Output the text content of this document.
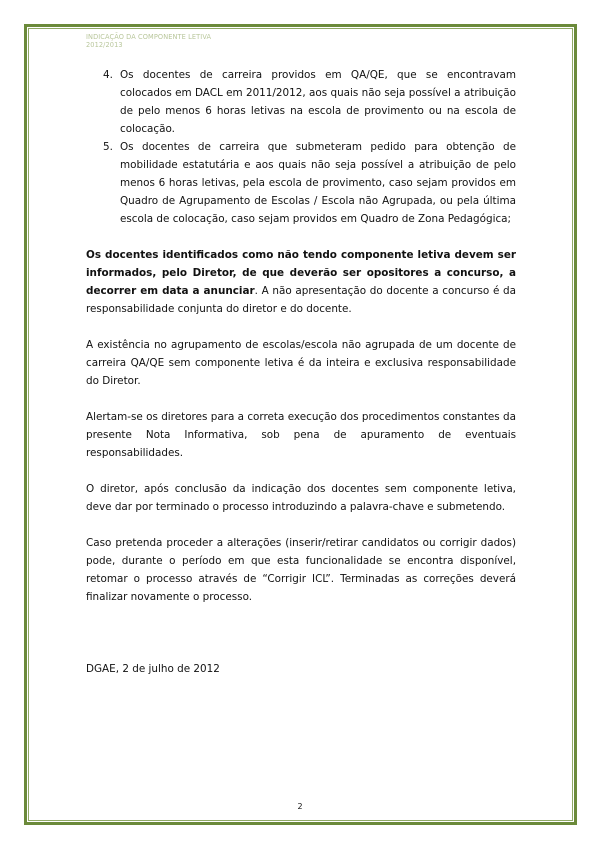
INDICAÇÃO DA COMPONENTE LETIVA
2012/2013
4. Os docentes de carreira providos em QA/QE, que se encontravam colocados em DACL em 2011/2012, aos quais não seja possível a atribuição de pelo menos 6 horas letivas na escola de provimento ou na escola de colocação.
5. Os docentes de carreira que submeteram pedido para obtenção de mobilidade estatutária e aos quais não seja possível a atribuição de pelo menos 6 horas letivas, pela escola de provimento, caso sejam providos em Quadro de Agrupamento de Escolas / Escola não Agrupada, ou pela última escola de colocação, caso sejam providos em Quadro de Zona Pedagógica;

Os docentes identificados como não tendo componente letiva devem ser informados, pelo Diretor, de que deverão ser opositores a concurso, a decorrer em data a anunciar. A não apresentação do docente a concurso é da responsabilidade conjunta do diretor e do docente.

A existência no agrupamento de escolas/escola não agrupada de um docente de carreira QA/QE sem componente letiva é da inteira e exclusiva responsabilidade do Diretor.

Alertam-se os diretores para a correta execução dos procedimentos constantes da presente Nota Informativa, sob pena de apuramento de eventuais responsabilidades.

O diretor, após conclusão da indicação dos docentes sem componente letiva, deve dar por terminado o processo introduzindo a palavra-chave e submetendo.

Caso pretenda proceder a alterações (inserir/retirar candidatos ou corrigir dados) pode, durante o período em que esta funcionalidade se encontra disponível, retomar o processo através de “Corrigir ICL”. Terminadas as correções deverá finalizar novamente o processo.

DGAE, 2 de julho de 2012

2
